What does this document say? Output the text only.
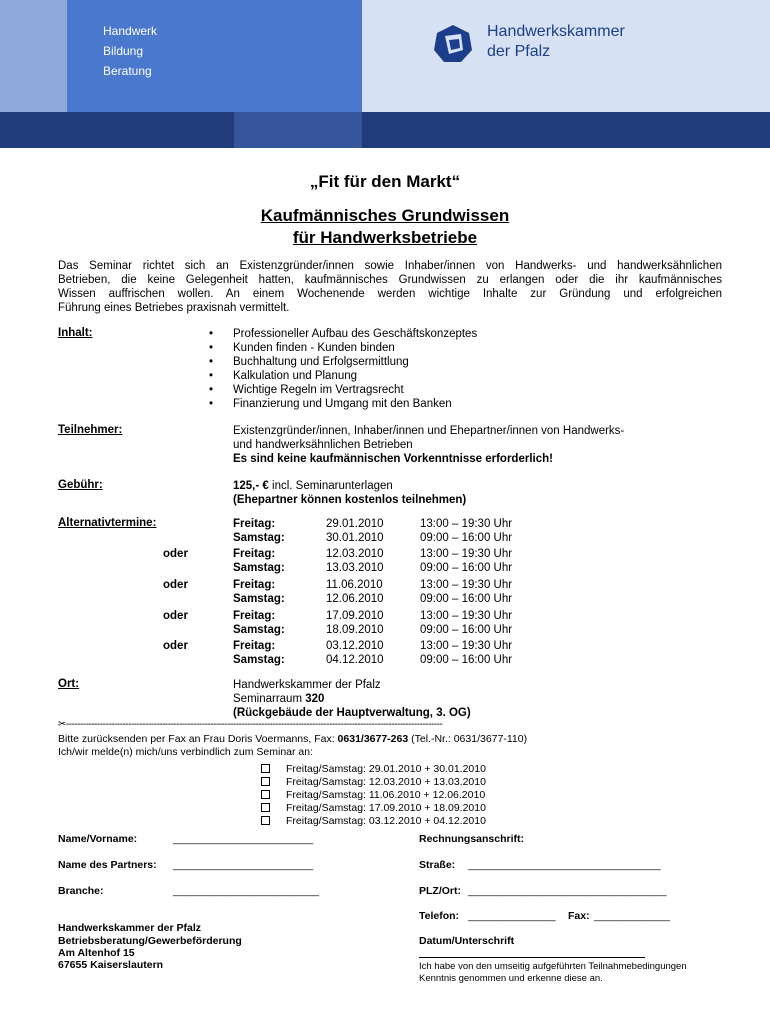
Handwerk
Bildung
Beratung
Handwerkskammer
der Pfalz
„Fit für den Markt“
Kaufmännisches Grundwissen
für Handwerksbetriebe
Das Seminar richtet sich an Existenzgründer/innen sowie Inhaber/innen von Handwerks- und handwerksähnlichen
Betrieben, die keine Gelegenheit hatten, kaufmännisches Grundwissen zu erlangen oder die ihr kaufmännisches
Wissen auffrischen wollen. An einem Wochenende werden wichtige Inhalte zur Gründung und erfolgreichen
Führung eines Betriebes praxisnah vermittelt.
Inhalt:	• Professioneller Aufbau des Geschäftskonzeptes
• Kunden finden - Kunden binden
• Buchhaltung und Erfolgsermittlung
• Kalkulation und Planung
• Wichtige Regeln im Vertragsrecht
• Finanzierung und Umgang mit den Banken
Teilnehmer:	Existenzgründer/innen, Inhaber/innen und Ehepartner/innen von Handwerks-
und handwerksähnlichen Betrieben
Es sind keine kaufmännischen Vorkenntnisse erforderlich!
Gebühr:	125,- € incl. Seminarunterlagen
(Ehepartner können kostenlos teilnehmen)
Alternativtermine:	Freitag:	29.01.2010	13:00 – 19:30 Uhr
Samstag:	30.01.2010	09:00 – 16:00 Uhr
oder	Freitag:	12.03.2010	13:00 – 19:30 Uhr
Samstag:	13.03.2010	09:00 – 16:00 Uhr
oder	Freitag:	11.06.2010	13:00 – 19:30 Uhr
Samstag:	12.06.2010	09:00 – 16:00 Uhr
oder	Freitag:	17.09.2010	13:00 – 19:30 Uhr
Samstag:	18.09.2010	09:00 – 16:00 Uhr
oder	Freitag:	03.12.2010	13:00 – 19:30 Uhr
Samstag:	04.12.2010	09:00 – 16:00 Uhr
Ort:	Handwerkskammer der Pfalz
Seminarraum 320
(Rückgebäude der Hauptverwaltung, 3. OG)
✂-------------------------------------------------------------------------------------------------------------------------------------
Bitte zurücksenden per Fax an Frau Doris Voermanns, Fax: 0631/3677-263 (Tel.-Nr.: 0631/3677-110)
Ich/wir melde(n) mich/uns verbindlich zum Seminar an:
Freitag/Samstag: 29.01.2010 + 30.01.2010
Freitag/Samstag: 12.03.2010 + 13.03.2010
Freitag/Samstag: 11.06.2010 + 12.06.2010
Freitag/Samstag: 17.09.2010 + 18.09.2010
Freitag/Samstag: 03.12.2010 + 04.12.2010
Name/Vorname:	________________________
Name des Partners: ________________________
Branche:	_________________________
Rechnungsanschrift:
Straße: _________________________________
PLZ/Ort: __________________________________
Telefon: _______________ Fax: _____________
Datum/Unterschrift
Handwerkskammer der Pfalz
Betriebsberatung/Gewerbeförderung
Am Altenhof 15
67655 Kaiserslautern	Ich habe von den umseitig aufgeführten Teilnahmebedingungen
Kenntnis genommen und erkenne diese an.
